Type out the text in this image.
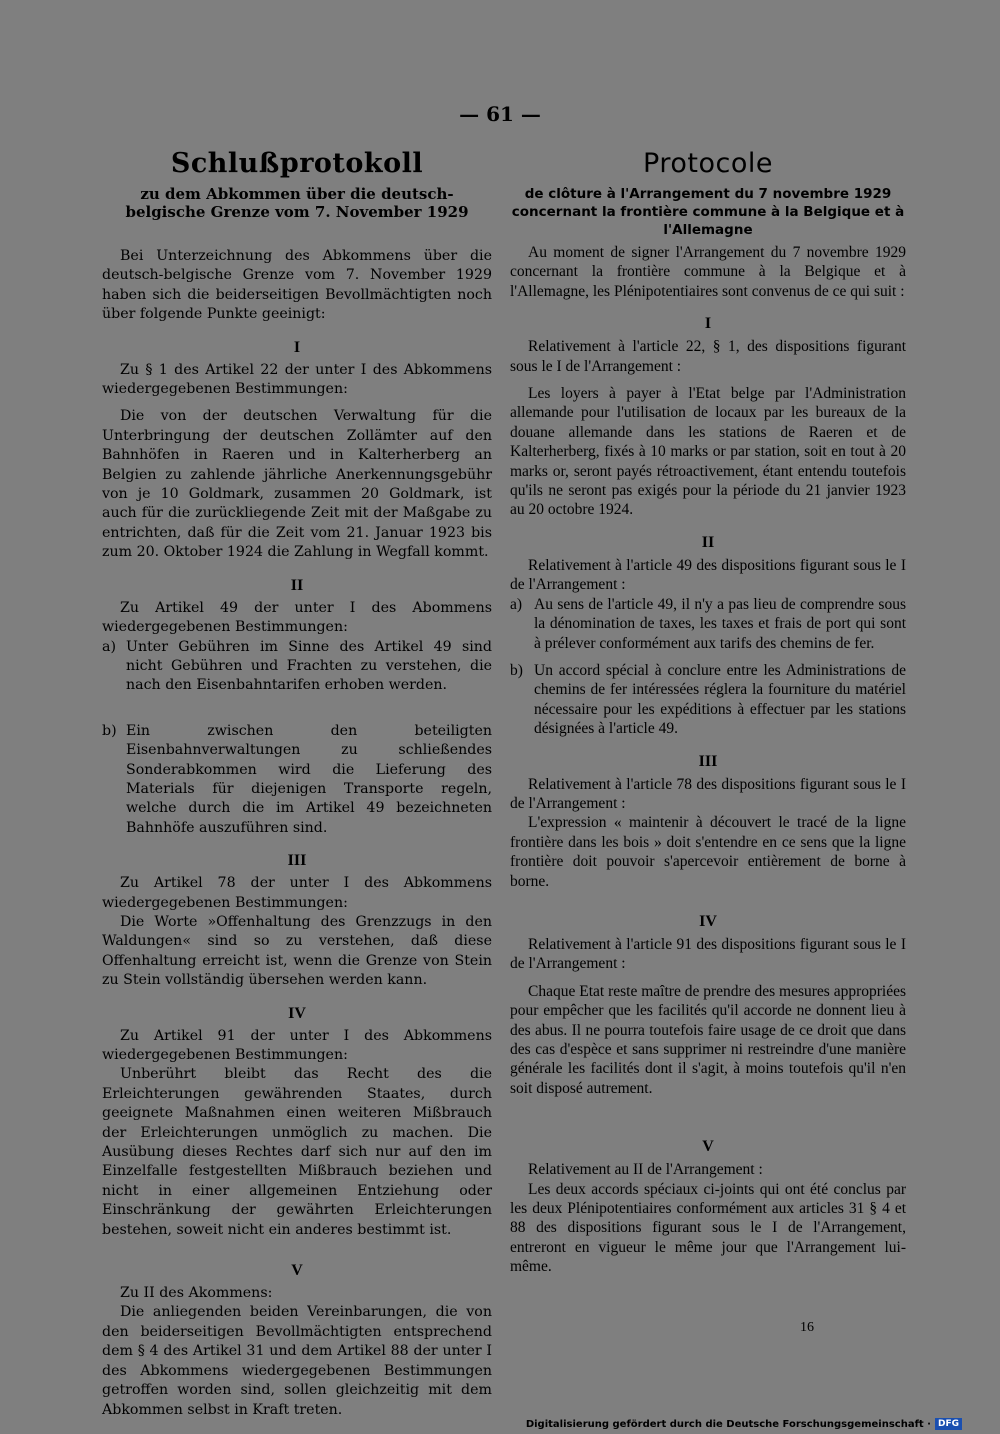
— 61 —
Schlußprotokoll
zu dem Abkommen über die deutsch-belgische Grenze vom 7. November 1929

Bei Unterzeichnung des Abkommens über die deutsch-belgische Grenze vom 7. November 1929 haben sich die beiderseitigen Bevollmächtigten noch über folgende Punkte geeinigt:

I

Zu § 1 des Artikel 22 der unter I des Abkommens wiedergegebenen Bestimmungen:

Die von der deutschen Verwaltung für die Unterbringung der deutschen Zollämter auf den Bahnhöfen in Raeren und in Kalterherberg an Belgien zu zahlende jährliche Anerkennungsgebühr von je 10 Goldmark, zusammen 20 Goldmark, ist auch für die zurückliegende Zeit mit der Maßgabe zu entrichten, daß für die Zeit vom 21. Januar 1923 bis zum 20. Oktober 1924 die Zahlung in Wegfall kommt.

II

Zu Artikel 49 der unter I des Abommens wiedergegebenen Bestimmungen:

a) Unter Gebühren im Sinne des Artikel 49 sind nicht Gebühren und Frachten zu verstehen, die nach den Eisenbahntarifen erhoben werden.

b) Ein zwischen den beteiligten Eisenbahnverwaltungen zu schließendes Sonderabkommen wird die Lieferung des Materials für diejenigen Transporte regeln, welche durch die im Artikel 49 bezeichneten Bahnhöfe auszuführen sind.

III

Zu Artikel 78 der unter I des Abkommens wiedergegebenen Bestimmungen:

Die Worte »Offenhaltung des Grenzzugs in den Waldungen« sind so zu verstehen, daß diese Offenhaltung erreicht ist, wenn die Grenze von Stein zu Stein vollständig übersehen werden kann.

IV

Zu Artikel 91 der unter I des Abkommens wiedergegebenen Bestimmungen:

Unberührt bleibt das Recht des die Erleichterungen gewährenden Staates, durch geeignete Maßnahmen einen weiteren Mißbrauch der Erleichterungen unmöglich zu machen. Die Ausübung dieses Rechtes darf sich nur auf den im Einzelfalle festgestellten Mißbrauch beziehen und nicht in einer allgemeinen Entziehung oder Einschränkung der gewährten Erleichterungen bestehen, soweit nicht ein anderes bestimmt ist.

V

Zu II des Akommens:

Die anliegenden beiden Vereinbarungen, die von den beiderseitigen Bevollmächtigten entsprechend dem § 4 des Artikel 31 und dem Artikel 88 der unter I des Abkommens wiedergegebenen Bestimmungen getroffen worden sind, sollen gleichzeitig mit dem Abkommen selbst in Kraft treten.

Protocole
de clôture à l'Arrangement du 7 novembre 1929 concernant la frontière commune à la Belgique et à l'Allemagne

Au moment de signer l'Arrangement du 7 novembre 1929 concernant la frontière commune à la Belgique et à l'Allemagne, les Plénipotentiaires sont convenus de ce qui suit :

I

Relativement à l'article 22, § 1, des dispositions figurant sous le I de l'Arrangement :

Les loyers à payer à l'Etat belge par l'Administration allemande pour l'utilisation de locaux par les bureaux de la douane allemande dans les stations de Raeren et de Kalterherberg, fixés à 10 marks or par station, soit en tout à 20 marks or, seront payés rétroactivement, étant entendu toutefois qu'ils ne seront pas exigés pour la période du 21 janvier 1923 au 20 octobre 1924.

II

Relativement à l'article 49 des dispositions figurant sous le I de l'Arrangement :

a) Au sens de l'article 49, il n'y a pas lieu de comprendre sous la dénomination de taxes, les taxes et frais de port qui sont à prélever conformément aux tarifs des chemins de fer.

b) Un accord spécial à conclure entre les Administrations de chemins de fer intéressées réglera la fourniture du matériel nécessaire pour les expéditions à effectuer par les stations désignées à l'article 49.

III

Relativement à l'article 78 des dispositions figurant sous le I de l'Arrangement :

L'expression « maintenir à découvert le tracé de la ligne frontière dans les bois » doit s'entendre en ce sens que la ligne frontière doit pouvoir s'apercevoir entièrement de borne à borne.

IV

Relativement à l'article 91 des dispositions figurant sous le I de l'Arrangement :

Chaque Etat reste maître de prendre des mesures appropriées pour empêcher que les facilités qu'il accorde ne donnent lieu à des abus. Il ne pourra toutefois faire usage de ce droit que dans des cas d'espèce et sans supprimer ni restreindre d'une manière générale les facilités dont il s'agit, à moins toutefois qu'il n'en soit disposé autrement.

V

Relativement au II de l'Arrangement :

Les deux accords spéciaux ci-joints qui ont été conclus par les deux Plénipotentiaires conformément aux articles 31 § 4 et 88 des dispositions figurant sous le I de l'Arrangement, entreront en vigueur le même jour que l'Arrangement lui-même.

16
Digitalisierung gefördert durch die Deutsche Forschungsgemeinschaft · DFG
